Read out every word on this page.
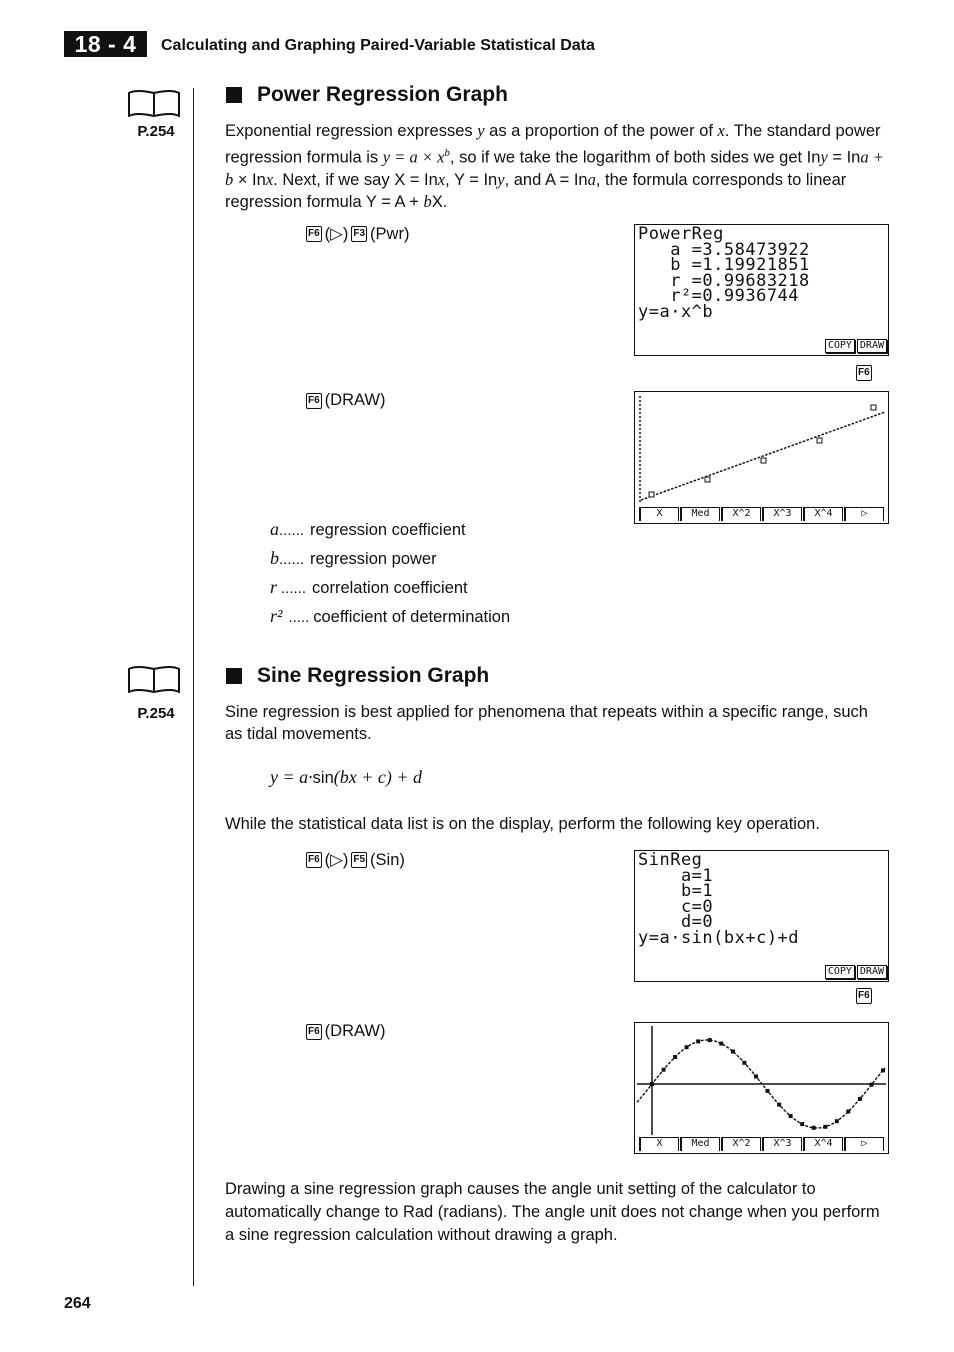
18 - 4	Calculating and Graphing Paired-Variable Statistical Data
P.254
Power Regression Graph
Exponential regression expresses y as a proportion of the power of x. The standard power regression formula is $y = a \times x^b$, so if we take the logarithm of both sides we get Iny = Ina + b × Inx. Next, if we say X = Inx, Y = Iny, and A = Ina, the formula corresponds to linear regression formula Y = A + bX.
F6 (▷) F3 (Pwr)	PowerReg
a =3.58473922
b =1.19921851
r =0.99683218
r²=0.9936744
y=a·x^b
COPY DRAW
F6
F6 (DRAW)
X	Med	X^2	X^3	X^4	▷
a ...... regression coefficient
b ...... regression power
r ...... correlation coefficient
r² ..... coefficient of determination
P.254
Sine Regression Graph
Sine regression is best applied for phenomena that repeats within a specific range, such as tidal movements.
y = a·sin(bx + c) + d
While the statistical data list is on the display, perform the following key operation.
F6 (▷) F5 (Sin)	SinReg
a=1
b=1
c=0
d=0
y=a·sin(bx+c)+d
COPY DRAW
F6
F6 (DRAW)
X	Med	X^2	X^3	X^4	▷
Drawing a sine regression graph causes the angle unit setting of the calculator to automatically change to Rad (radians). The angle unit does not change when you perform a sine regression calculation without drawing a graph.
264
